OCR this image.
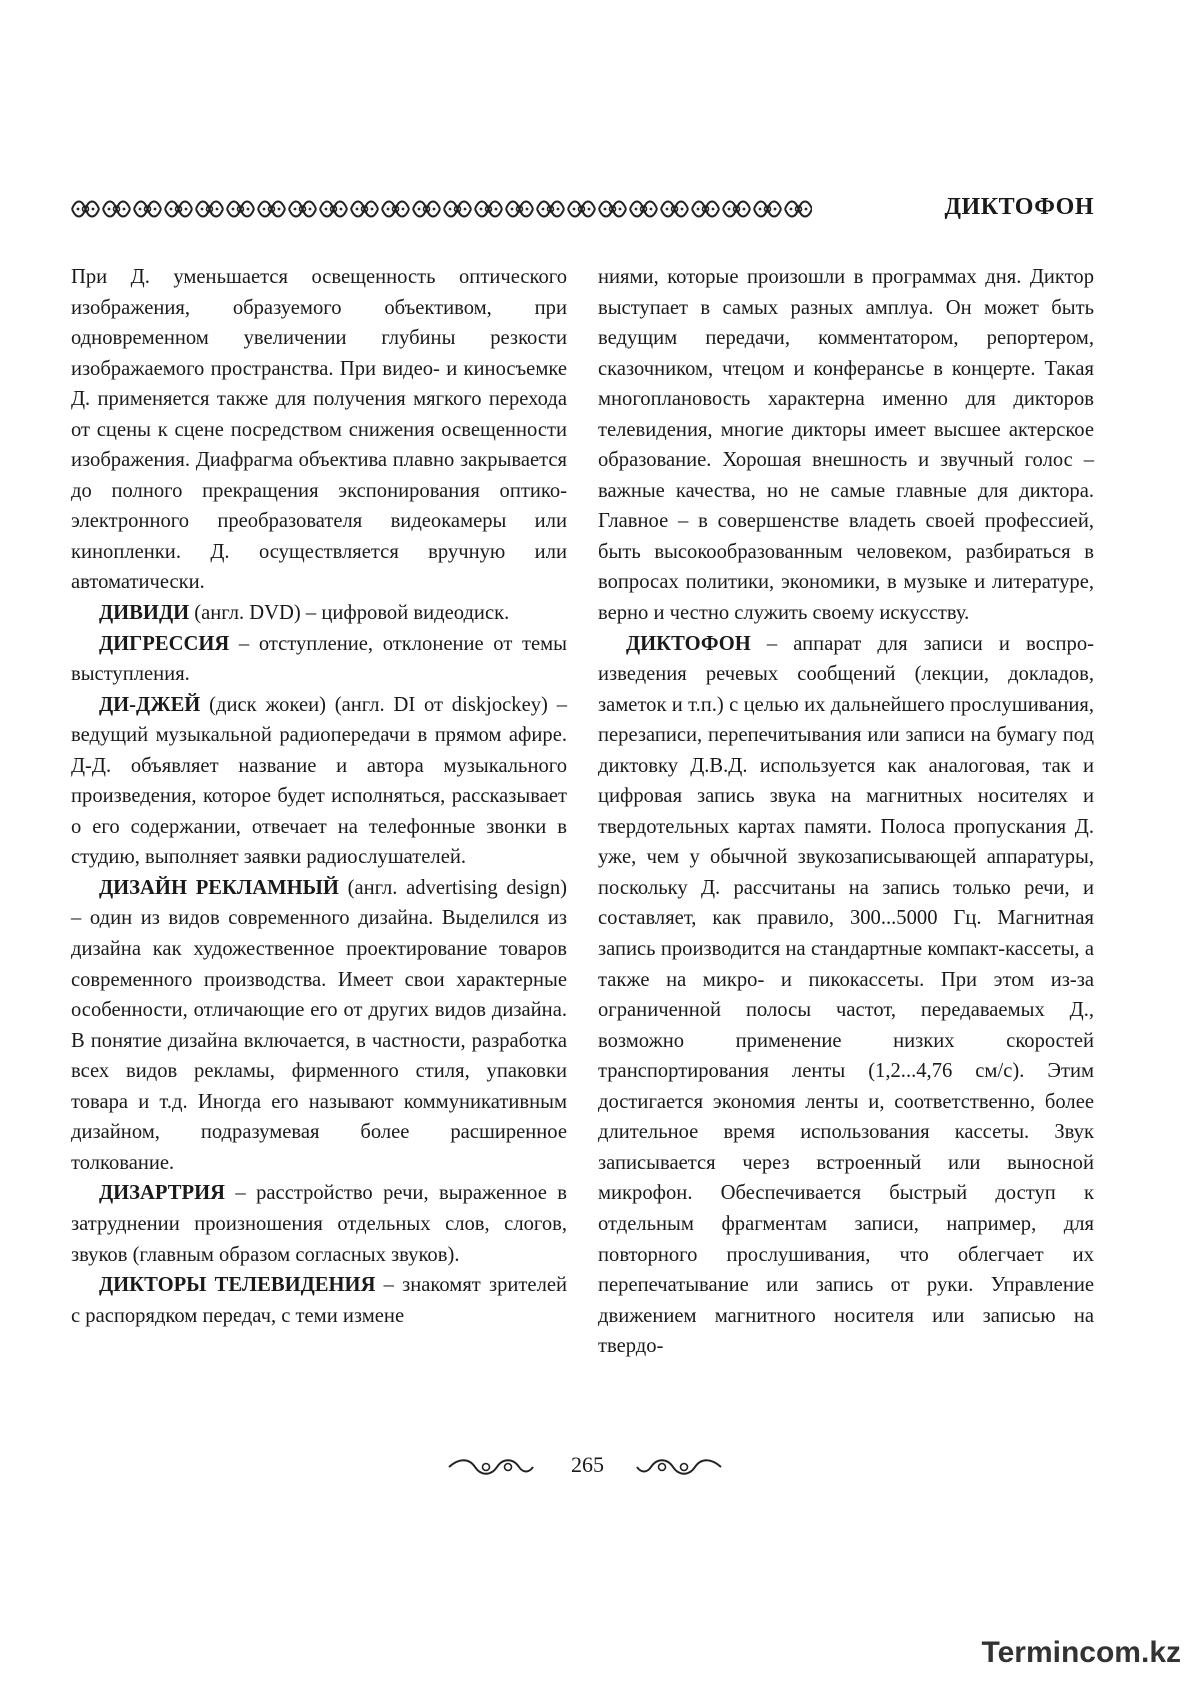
ДИКТОФОН

При Д. уменьшается освещенность оптического изображения, образуемого объективом, при одновременном увеличении глубины резкости изображаемого пространства. При видео- и киносъемке Д. применяется также для получения мягкого перехода от сцены к сцене посредством снижения освещенности изображения. Диафрагма объектива плавно закрывается до полного прекращения экспонирования оптико-электронного преобразователя видеокамеры или кинопленки. Д. осуществляется вручную или автоматически.

ДИВИДИ (англ. DVD) – цифровой видеодиск.

ДИГРЕССИЯ – отступление, отклонение от темы выступления.

ДИ-ДЖЕЙ (диск жокеи) (англ. DI от diskjockey) – ведущий музыкальной радиопередачи в прямом афире. Д-Д. объявляет название и автора музыкального произведения, которое будет исполняться, рассказывает о его содержании, отвечает на телефонные звонки в студию, выполняет заявки радиослушателей.

ДИЗАЙН РЕКЛАМНЫЙ (англ. advertising design) – один из видов современного дизайна. Выделился из дизайна как художественное проектирование товаров современного производства. Имеет свои характерные особенности, отличающие его от других видов дизайна. В понятие дизайна включается, в частности, разработка всех видов рекламы, фирменного стиля, упаковки товара и т.д. Иногда его называют коммуникативным дизайном, подразумевая более расширенное толкование.

ДИЗАРТРИЯ – расстройство речи, выраженное в затруднении произношения отдельных слов, слогов, звуков (главным образом согласных звуков).

ДИКТОРЫ ТЕЛЕВИДЕНИЯ – знакомят зрителей с распорядком передач, с теми измене

ниями, которые произошли в программах дня. Диктор выступает в самых разных амплуа. Он может быть ведущим передачи, комментатором, репортером, сказочником, чтецом и конферансье в концерте. Такая многоплановость характерна именно для дикторов телевидения, многие дикторы имеет высшее актерское образование. Хорошая внешность и звучный голос – важные качества, но не самые главные для диктора. Главное – в совершенстве владеть своей профессией, быть высокообразованным человеком, разбираться в вопросах политики, экономики, в музыке и литературе, верно и честно служить своему искусству.

ДИКТОФОН – аппарат для записи и воспроизведения речевых сообщений (лекции, докладов, заметок и т.п.) с целью их дальнейшего прослушивания, перезаписи, перепечитывания или записи на бумагу под диктовку Д.В.Д. используется как аналоговая, так и цифровая запись звука на магнитных носителях и твердотельных картах памяти. Полоса пропускания Д. уже, чем у обычной звукозаписывающей аппаратуры, поскольку Д. рассчитаны на запись только речи, и составляет, как правило, 300...5000 Гц. Магнитная запись производится на стандартные компакт-кассеты, а также на микро- и пикокассеты. При этом из-за ограниченной полосы частот, передаваемых Д., возможно применение низких скоростей транспортирования ленты (1,2...4,76 см/с). Этим достигается экономия ленты и, соответственно, более длительное время использования кассеты. Звук записывается через встроенный или выносной микрофон. Обеспечивается быстрый доступ к отдельным фрагментам записи, например, для повторного прослушивания, что облегчает их перепечатывание или запись от руки. Управление движением магнитного носителя или записью на твердо-

265
Termincom.kz
